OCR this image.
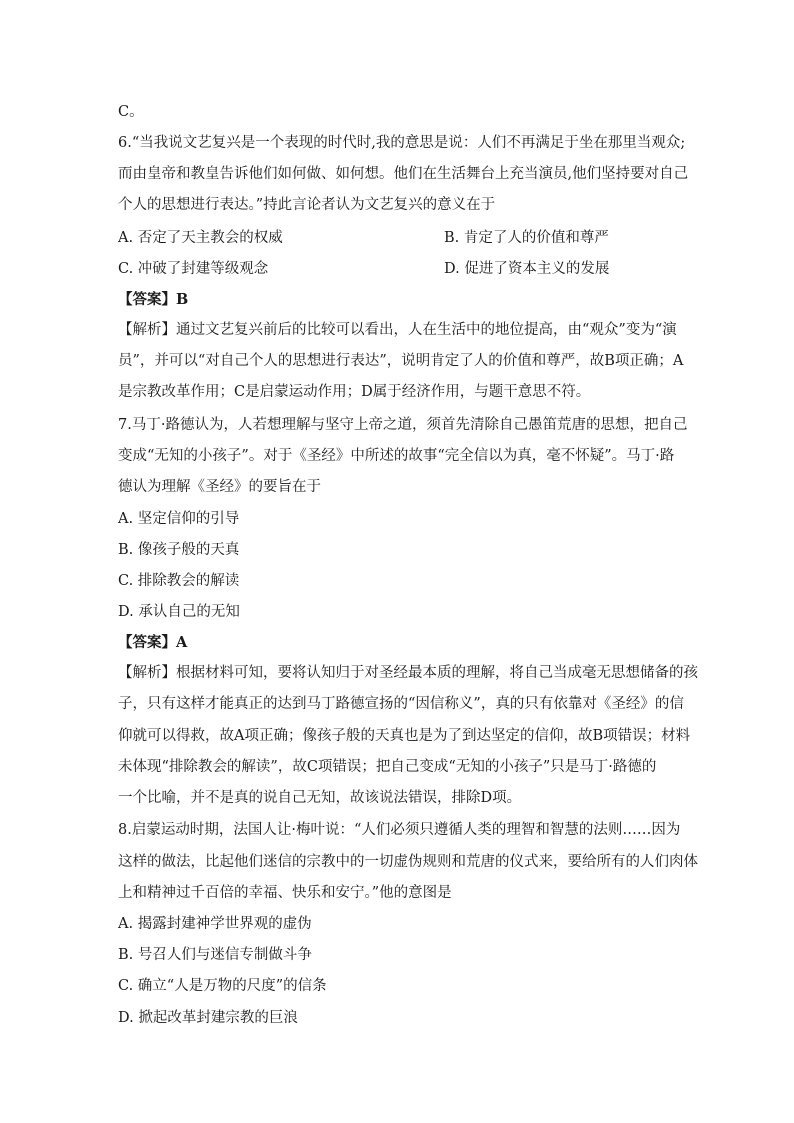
C。
6.“当我说文艺复兴是一个表现的时代时,我的意思是说：人们不再满足于坐在那里当观众;
而由皇帝和教皇告诉他们如何做、如何想。他们在生活舞台上充当演员,他们坚持要对自己
个人的思想进行表达。”持此言论者认为文艺复兴的意义在于
A. 否定了天主教会的权威	B. 肯定了人的价值和尊严
C. 冲破了封建等级观念	D. 促进了资本主义的发展
【答案】B
【解析】通过文艺复兴前后的比较可以看出，人在生活中的地位提高，由“观众”变为“演
员”，并可以“对自己个人的思想进行表达”，说明肯定了人的价值和尊严，故B项正确；A
是宗教改革作用；C是启蒙运动作用；D属于经济作用，与题干意思不符。
7.马丁·路德认为，人若想理解与坚守上帝之道，须首先清除自己愚笛荒唐的思想，把自己
变成“无知的小孩子”。对于《圣经》中所述的故事“完全信以为真，毫不怀疑”。马丁·路
德认为理解《圣经》的要旨在于
A. 坚定信仰的引导
B. 像孩子般的天真
C. 排除教会的解读
D. 承认自己的无知
【答案】A
【解析】根据材料可知，要将认知归于对圣经最本质的理解，将自己当成毫无思想储备的孩
子，只有这样才能真正的达到马丁路德宣扬的“因信称义”，真的只有依靠对《圣经》的信
仰就可以得救，故A项正确；像孩子般的天真也是为了到达坚定的信仰，故B项错误；材料
未体现“排除教会的解读”，故C项错误；把自己变成“无知的小孩子”只是马丁·路德的
一个比喻，并不是真的说自己无知，故该说法错误，排除D项。
8.启蒙运动时期，法国人让·梅叶说：“人们必须只遵循人类的理智和智慧的法则……因为
这样的做法，比起他们迷信的宗教中的一切虚伪规则和荒唐的仪式来，要给所有的人们肉体
上和精神过千百倍的幸福、快乐和安宁。”他的意图是
A. 揭露封建神学世界观的虚伪
B. 号召人们与迷信专制做斗争
C. 确立“人是万物的尺度”的信条
D. 掀起改革封建宗教的巨浪
